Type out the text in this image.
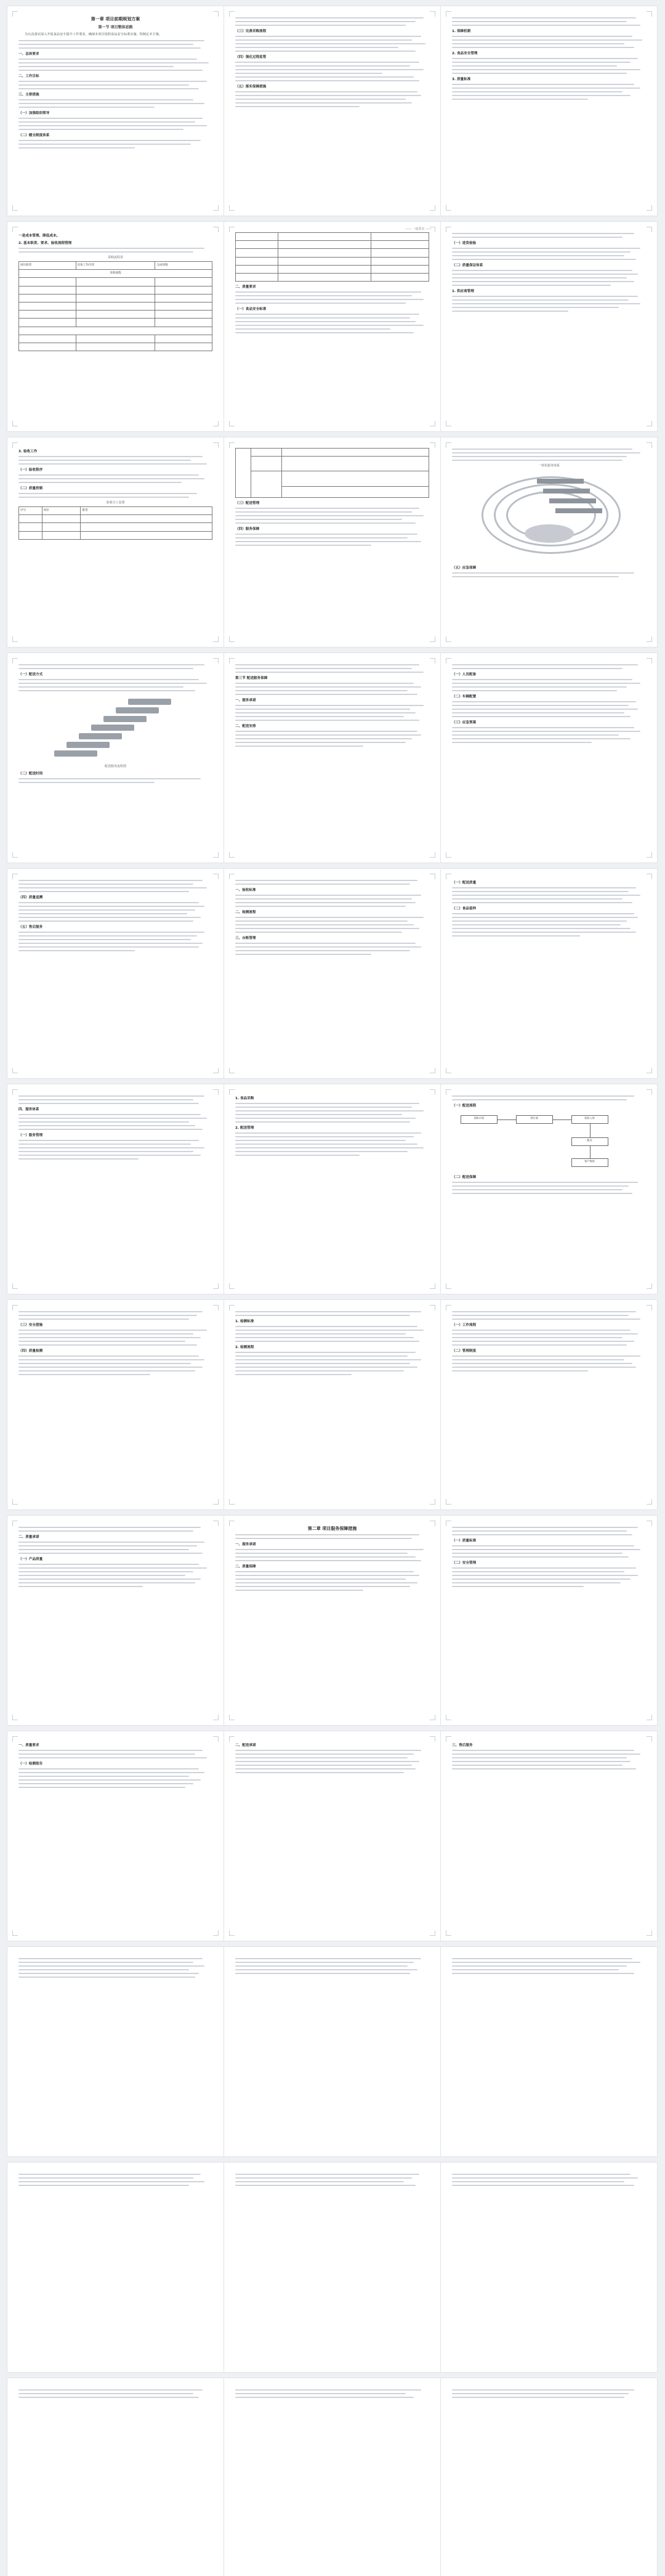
第一章 项目前期规划方案
第一节 项目整体思路
为认真落实深入开展食品安全提升工作要求，确保本项目按照食品安全标准实施，特制定本方案。
一、总体要求
二、工作目标
三、主要措施
（一）加强组织领导
（二）健全制度体系
（三）完善采购流程
（四）强化过程监管
（五）落实保障措施
1. 保障机制
2. 食品安全管理
3. 质量标准
一是成本管理、降低成本。
2. 基本职责、要求、验收流程管理
采购流程表
岗位职责	具体工作内容	完成时限
采购流程		

二、质量要求
（一）食品安全标准
—— 一般要求 ——
（一）进货检验
（二）质量保证体系
1. 供应商管理
3. 验收工作
（一）验收程序
（二）质量控制
验收分工安排
序号	岗位	职责

（三）配送管理
（四）服务保障
一体化服务体系
（五）应急保障
（一）配送方式
配送服务流程图
（二）配送时间
第三节 配送服务保障
一、服务承诺
二、配送安排
（一）人员配备
（二）车辆配置
（三）应急预案
（四）质量追溯
（五）售后服务
一、验收标准
二、检测流程
三、台账管理
（一）配送质量
（二）食品留样
四、服务体系
（一）服务管理
1. 食品采购
2. 配送管理
（一）配送流程
采购计划	供应商	验收入库
配送
客户签收
（二）配送保障
（三）安全措施
（四）质量检测
1. 检测标准
2. 检测流程
（一）工作流程
（二）管理制度
二、质量承诺
（一）产品质量
第二章 项目服务保障措施
一、服务承诺
二、质量保障
（一）质量标准
（二）安全管理
一、质量要求
（一）检测报告
二、配送承诺	三、售后服务
